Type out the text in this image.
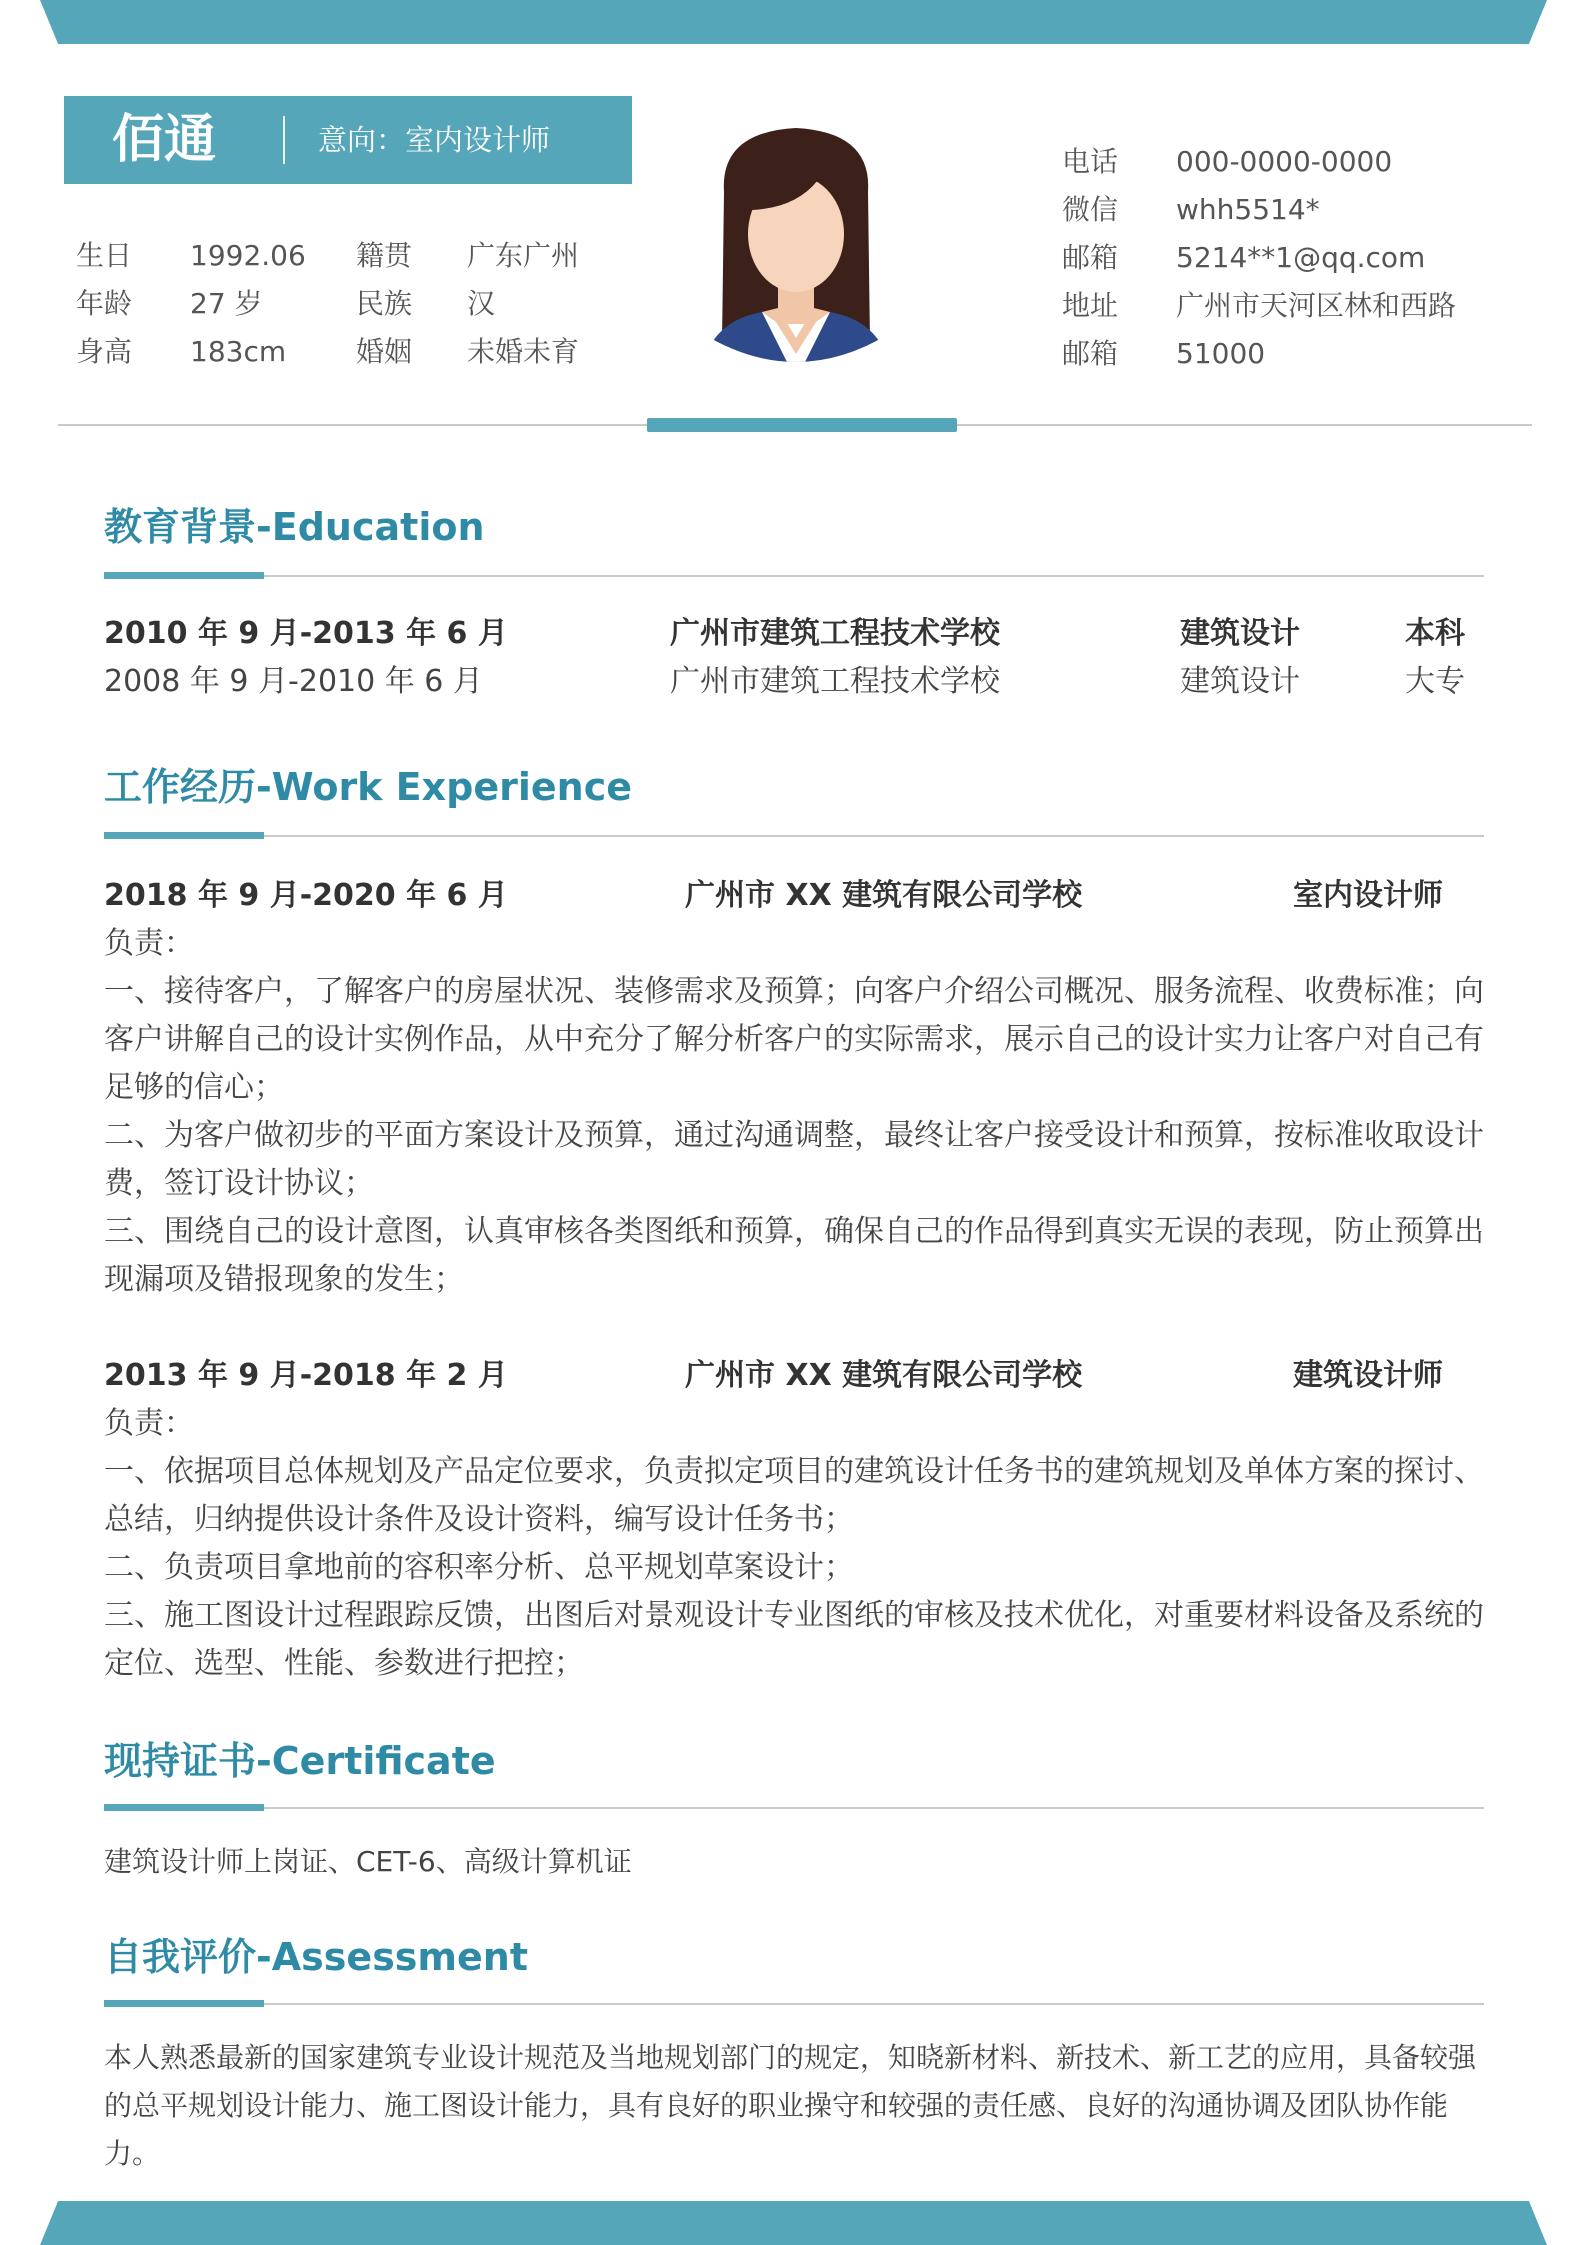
佰通	意向：室内设计师
生日 1992.06 籍贯 广东广州
年龄 27 岁	民族 汉
身高 183cm 婚姻 未婚未育
电话 000-0000-0000
微信 whh5514*
邮箱 5214**1@qq.com
地址 广州市天河区林和西路
邮箱 51000
教育背景-Education
2010 年 9 月-2013 年 6 月	广州市建筑工程技术学校	建筑设计	本科
2008 年 9 月-2010 年 6 月	广州市建筑工程技术学校	建筑设计	大专
工作经历-Work Experience
2018 年 9 月-2020 年 6 月	广州市 XX 建筑有限公司学校	室内设计师

负责：

一、接待客户，了解客户的房屋状况、装修需求及预算；向客户介绍公司概况、服务流程、收费标准；向客户讲解自己的设计实例作品，从中充分了解分析客户的实际需求，展示自己的设计实力让客户对自己有足够的信心；

二、为客户做初步的平面方案设计及预算，通过沟通调整，最终让客户接受设计和预算，按标准收取设计费，签订设计协议；

三、围绕自己的设计意图，认真审核各类图纸和预算，确保自己的作品得到真实无误的表现，防止预算出现漏项及错报现象的发生；

2013 年 9 月-2018 年 2 月	广州市 XX 建筑有限公司学校	建筑设计师

负责：

一、依据项目总体规划及产品定位要求，负责拟定项目的建筑设计任务书的建筑规划及单体方案的探讨、总结，归纳提供设计条件及设计资料，编写设计任务书；

二、负责项目拿地前的容积率分析、总平规划草案设计；

三、施工图设计过程跟踪反馈，出图后对景观设计专业图纸的审核及技术优化，对重要材料设备及系统的定位、选型、性能、参数进行把控；

现持证书-Certificate
建筑设计师上岗证、CET-6、高级计算机证
自我评价-Assessment

本人熟悉最新的国家建筑专业设计规范及当地规划部门的规定，知晓新材料、新技术、新工艺的应用，具备较强的总平规划设计能力、施工图设计能力，具有良好的职业操守和较强的责任感、良好的沟通协调及团队协作能力。
